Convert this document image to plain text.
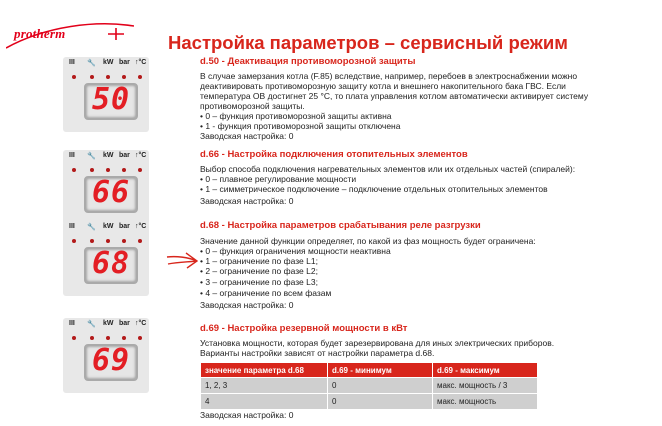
protherm	Настройка параметров – сервисный режим
III 🔧 kW bar ↑°C
50
III 🔧 kW bar ↑°C
66
III 🔧 kW bar ↑°C
68
III 🔧 kW bar ↑°C
69
d.50 - Деактивация противоморозной защиты
В случае замерзания котла (F.85) вследствие, например, перебоев в электроснабжении можно
деактивировать противоморозную защиту котла и внешнего накопительного бака ГВС. Если
температура ОВ достигнет 25 °C, то плата управления котлом автоматически активирует систему
противоморозной защиты.
• 0 – функция противоморозной защиты активна
• 1 - функция противоморозной защиты отключена
Заводская настройка: 0
d.66 - Настройка подключения отопительных элементов
Выбор способа подключения нагревательных элементов или их отдельных частей (спиралей):
• 0 – плавное регулирование мощности
• 1 – симметрическое подключение – подключение отдельных отопительных элементов
Заводская настройка: 0
d.68 - Настройка параметров срабатывания реле разгрузки
Значение данной функции определяет, по какой из фаз мощность будет ограничена:
• 0 – функция ограничения мощности неактивна
• 1 – ограничение по фазе L1;
• 2 – ограничение по фазе L2;
• 3 – ограничение по фазе L3;
• 4 – ограничение по всем фазам
Заводская настройка: 0
d.69 - Настройка резервной мощности в кВт
Установка мощности, которая будет зарезервирована для иных электрических приборов.
Варианты настройки зависят от настройки параметра d.68.
значение параметра d.68	d.69 - минимум	d.69 - максимум
1, 2, 3	0	макс. мощность / 3
4	0	макс. мощность
Заводская настройка: 0
